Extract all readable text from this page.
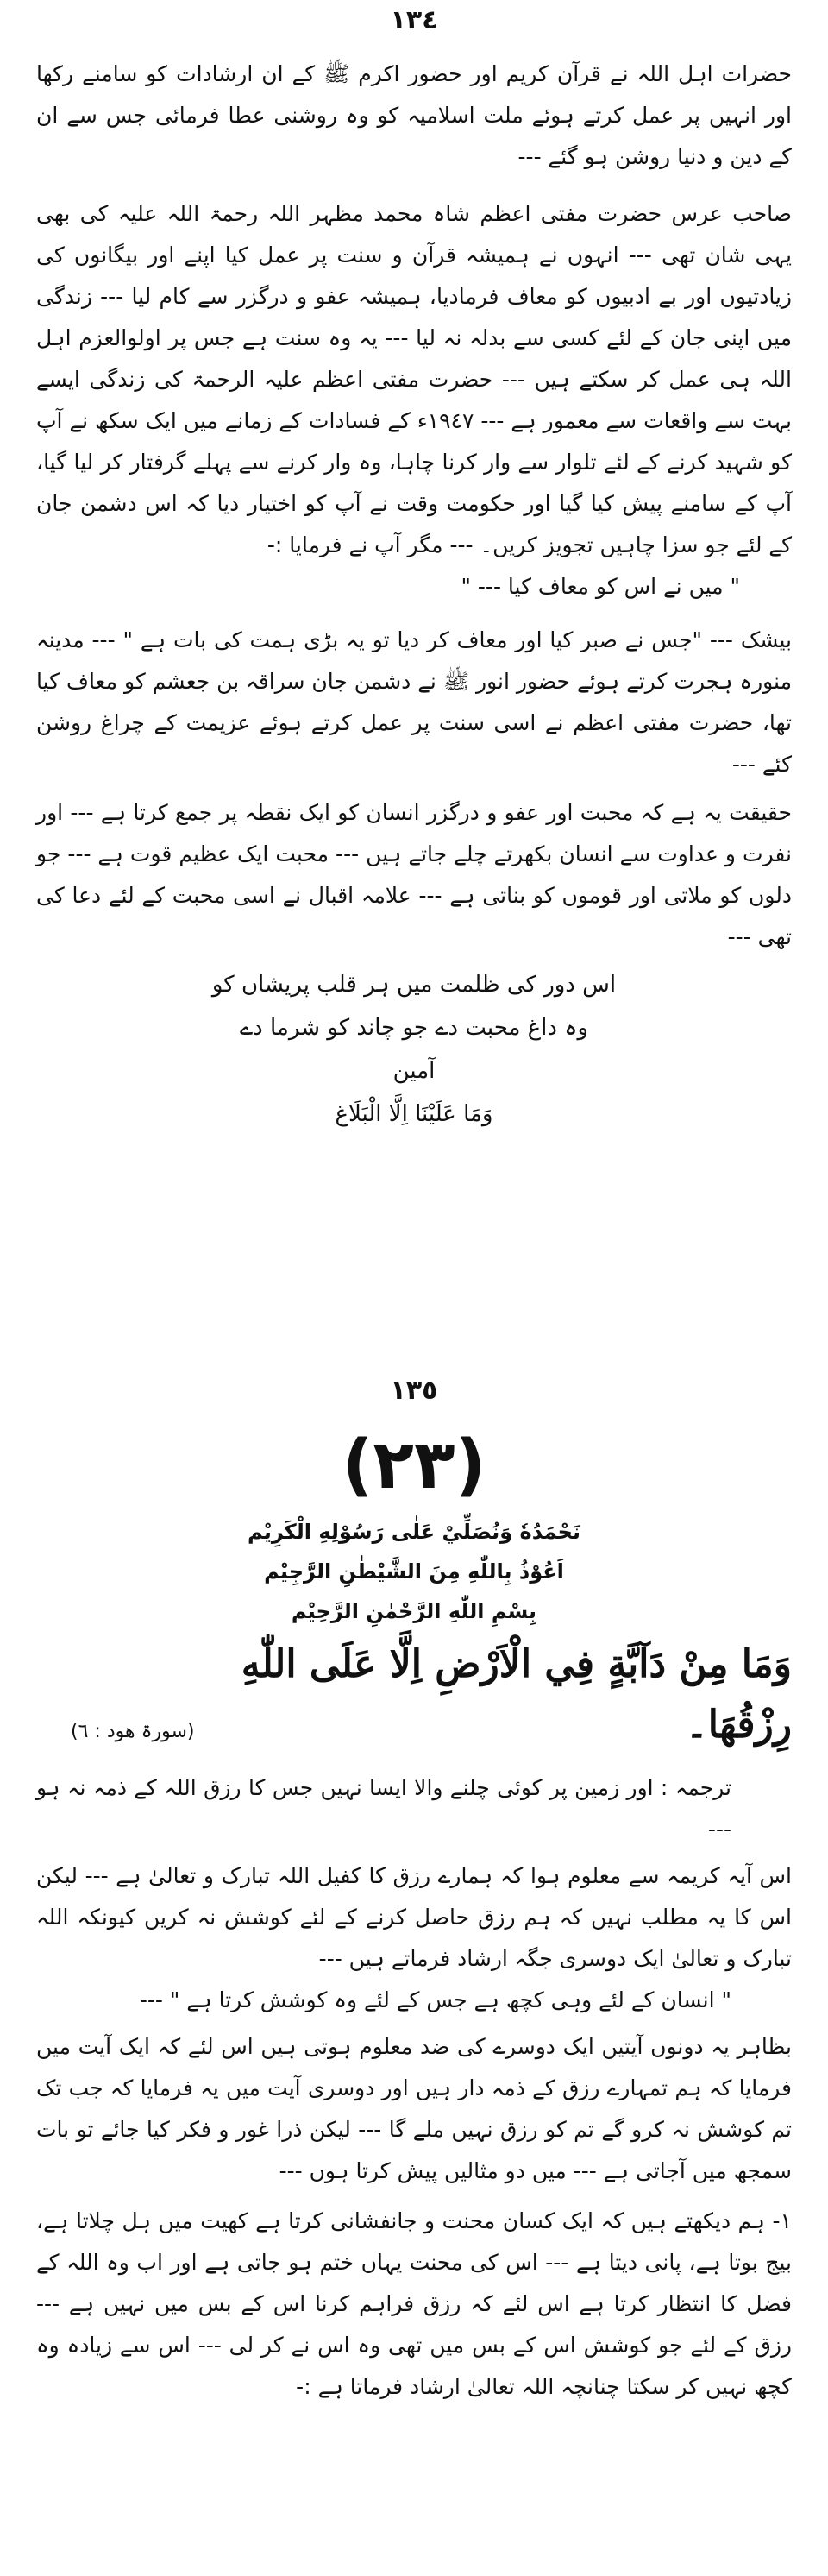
١٣٤

حضرات اہل اللہ نے قرآن کریم اور حضور اکرم ﷺ کے ان ارشادات کو سامنے رکھا اور انہیں پر عمل کرتے ہوئے ملت اسلامیہ کو وہ روشنی عطا فرمائی جس سے ان کے دین و دنیا روشن ہو گئے ---

صاحب عرس حضرت مفتی اعظم شاہ محمد مظہر اللہ رحمۃ اللہ علیہ کی بھی یہی شان تھی --- انہوں نے ہمیشہ قرآن و سنت پر عمل کیا اپنے اور بیگانوں کی زیادتیوں اور بے ادبیوں کو معاف فرمادیا، ہمیشہ عفو و درگزر سے کام لیا --- زندگی میں اپنی جان کے لئے کسی سے بدلہ نہ لیا --- یہ وہ سنت ہے جس پر اولوالعزم اہل اللہ ہی عمل کر سکتے ہیں --- حضرت مفتی اعظم علیہ الرحمۃ کی زندگی ایسے بہت سے واقعات سے معمور ہے --- ١٩٤٧ء کے فسادات کے زمانے میں ایک سکھ نے آپ کو شہید کرنے کے لئے تلوار سے وار کرنا چاہا، وہ وار کرنے سے پہلے گرفتار کر لیا گیا، آپ کے سامنے پیش کیا گیا اور حکومت وقت نے آپ کو اختیار دیا کہ اس دشمن جان کے لئے جو سزا چاہیں تجویز کریں۔ --- مگر آپ نے فرمایا :-

" میں نے اس کو معاف کیا --- "

بیشک --- "جس نے صبر کیا اور معاف کر دیا تو یہ بڑی ہمت کی بات ہے " --- مدینہ منورہ ہجرت کرتے ہوئے حضور انور ﷺ نے دشمن جان سراقہ بن جعشم کو معاف کیا تھا، حضرت مفتی اعظم نے اسی سنت پر عمل کرتے ہوئے عزیمت کے چراغ روشن کئے ---

حقیقت یہ ہے کہ محبت اور عفو و درگزر انسان کو ایک نقطہ پر جمع کرتا ہے --- اور نفرت و عداوت سے انسان بکھرتے چلے جاتے ہیں --- محبت ایک عظیم قوت ہے --- جو دلوں کو ملاتی اور قوموں کو بناتی ہے --- علامہ اقبال نے اسی محبت کے لئے دعا کی تھی ---

اس دور کی ظلمت میں ہر قلب پریشاں کو
وہ داغ محبت دے جو چاند کو شرما دے
آمین
وَمَا عَلَيْنَا اِلَّا الْبَلَاغ
١٣٥
(٢٣)
نَحْمَدُهٗ وَنُصَلِّيْ عَلٰى رَسُوْلِهِ الْكَرِيْم
اَعُوْذُ بِاللّٰهِ مِنَ الشَّيْطٰنِ الرَّجِيْم
بِسْمِ اللّٰهِ الرَّحْمٰنِ الرَّحِيْم
وَمَا مِنْ دَآبَّةٍ فِي الْاَرْضِ اِلَّا عَلَى اللّٰهِ
رِزْقُهَا۔
(سورۃ ھود : ٦)

ترجمہ : اور زمین پر کوئی چلنے والا ایسا نہیں جس کا رزق اللہ کے ذمہ نہ ہو ---

اس آیہ کریمہ سے معلوم ہوا کہ ہمارے رزق کا کفیل اللہ تبارک و تعالیٰ ہے --- لیکن اس کا یہ مطلب نہیں کہ ہم رزق حاصل کرنے کے لئے کوشش نہ کریں کیونکہ اللہ تبارک و تعالیٰ ایک دوسری جگہ ارشاد فرماتے ہیں ---

" انسان کے لئے وہی کچھ ہے جس کے لئے وہ کوشش کرتا ہے " ---

بظاہر یہ دونوں آیتیں ایک دوسرے کی ضد معلوم ہوتی ہیں اس لئے کہ ایک آیت میں فرمایا کہ ہم تمہارے رزق کے ذمہ دار ہیں اور دوسری آیت میں یہ فرمایا کہ جب تک تم کوشش نہ کرو گے تم کو رزق نہیں ملے گا --- لیکن ذرا غور و فکر کیا جائے تو بات سمجھ میں آجاتی ہے --- میں دو مثالیں پیش کرتا ہوں ---

١- ہم دیکھتے ہیں کہ ایک کسان محنت و جانفشانی کرتا ہے کھیت میں ہل چلاتا ہے، بیج بوتا ہے، پانی دیتا ہے --- اس کی محنت یہاں ختم ہو جاتی ہے اور اب وہ اللہ کے فضل کا انتظار کرتا ہے اس لئے کہ رزق فراہم کرنا اس کے بس میں نہیں ہے --- رزق کے لئے جو کوشش اس کے بس میں تھی وہ اس نے کر لی --- اس سے زیادہ وہ کچھ نہیں کر سکتا چنانچہ اللہ تعالیٰ ارشاد فرماتا ہے :-
